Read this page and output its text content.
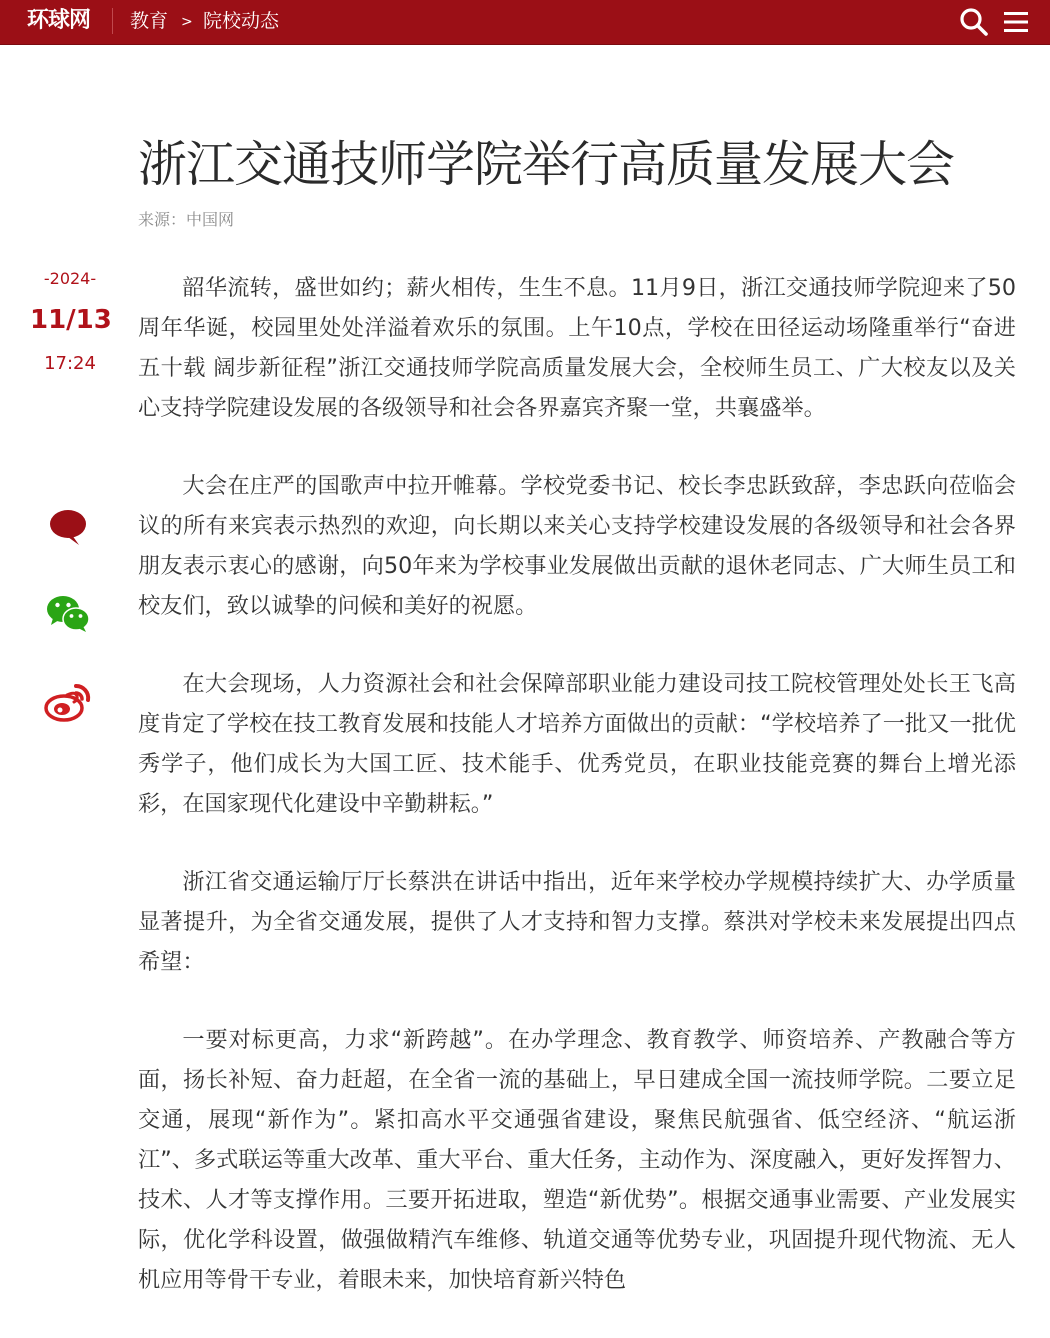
环球网 教育 > 院校动态
浙江交通技师学院举行高质量发展大会
来源：中国网
-2024-
11/13
17:24

韶华流转，盛世如约；薪火相传，生生不息。11月9日，浙江交通技师学院迎来了50周年华诞，校园里处处洋溢着欢乐的氛围。上午10点，学校在田径运动场隆重举行“奋进五十载 阔步新征程”浙江交通技师学院高质量发展大会，全校师生员工、广大校友以及关心支持学院建设发展的各级领导和社会各界嘉宾齐聚一堂，共襄盛举。

大会在庄严的国歌声中拉开帷幕。学校党委书记、校长李忠跃致辞，李忠跃向莅临会议的所有来宾表示热烈的欢迎，向长期以来关心支持学校建设发展的各级领导和社会各界朋友表示衷心的感谢，向50年来为学校事业发展做出贡献的退休老同志、广大师生员工和校友们，致以诚挚的问候和美好的祝愿。

在大会现场，人力资源社会和社会保障部职业能力建设司技工院校管理处处长王飞高度肯定了学校在技工教育发展和技能人才培养方面做出的贡献：“学校培养了一批又一批优秀学子，他们成长为大国工匠、技术能手、优秀党员，在职业技能竞赛的舞台上增光添彩，在国家现代化建设中辛勤耕耘。”

浙江省交通运输厅厅长蔡洪在讲话中指出，近年来学校办学规模持续扩大、办学质量显著提升，为全省交通发展，提供了人才支持和智力支撑。蔡洪对学校未来发展提出四点希望：

一要对标更高，力求“新跨越”。在办学理念、教育教学、师资培养、产教融合等方面，扬长补短、奋力赶超，在全省一流的基础上，早日建成全国一流技师学院。二要立足交通，展现“新作为”。紧扣高水平交通强省建设，聚焦民航强省、低空经济、“航运浙江”、多式联运等重大改革、重大平台、重大任务，主动作为、深度融入，更好发挥智力、技术、人才等支撑作用。三要开拓进取，塑造“新优势”。根据交通事业需要、产业发展实际，优化学科设置，做强做精汽车维修、轨道交通等优势专业，巩固提升现代物流、无人机应用等骨干专业，着眼未来，加快培育新兴特色
